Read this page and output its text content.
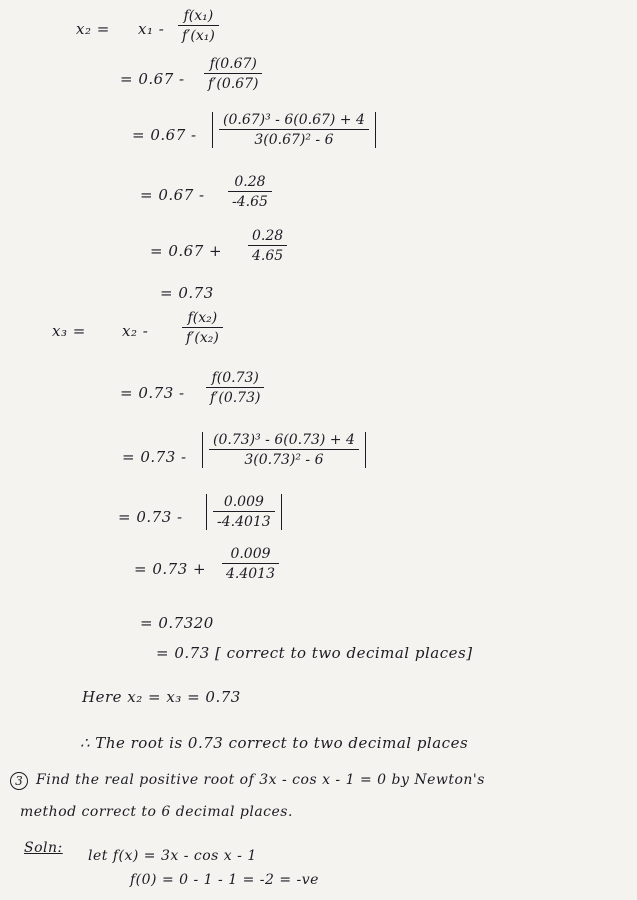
x₂ = x₁ -
f(x₁)
f′(x₁)
= 0.67 -
f(0.67)
f′(0.67)
= 0.67 -
(0.67)³ - 6(0.67) + 4
3(0.67)² - 6
= 0.67 -
0.28
-4.65
= 0.67 +
0.28
4.65
= 0.73
x₃ = x₂ -
f(x₂)
f′(x₂)
= 0.73 -
f(0.73)
f′(0.73)
= 0.73 -
(0.73)³ - 6(0.73) + 4
3(0.73)² - 6
= 0.73 -
0.009
-4.4013
= 0.73 +
0.009
4.4013
= 0.7320
= 0.73 [ correct to two decimal places]
Here x₂ = x₃ = 0.73
∴ The root is 0.73 correct to two decimal places
3 Find the real positive root of 3x - cos x - 1 = 0 by Newton's
method correct to 6 decimal places.
Soln: let f(x) = 3x - cos x - 1
f(0) = 0 - 1 - 1 = -2 = -ve
